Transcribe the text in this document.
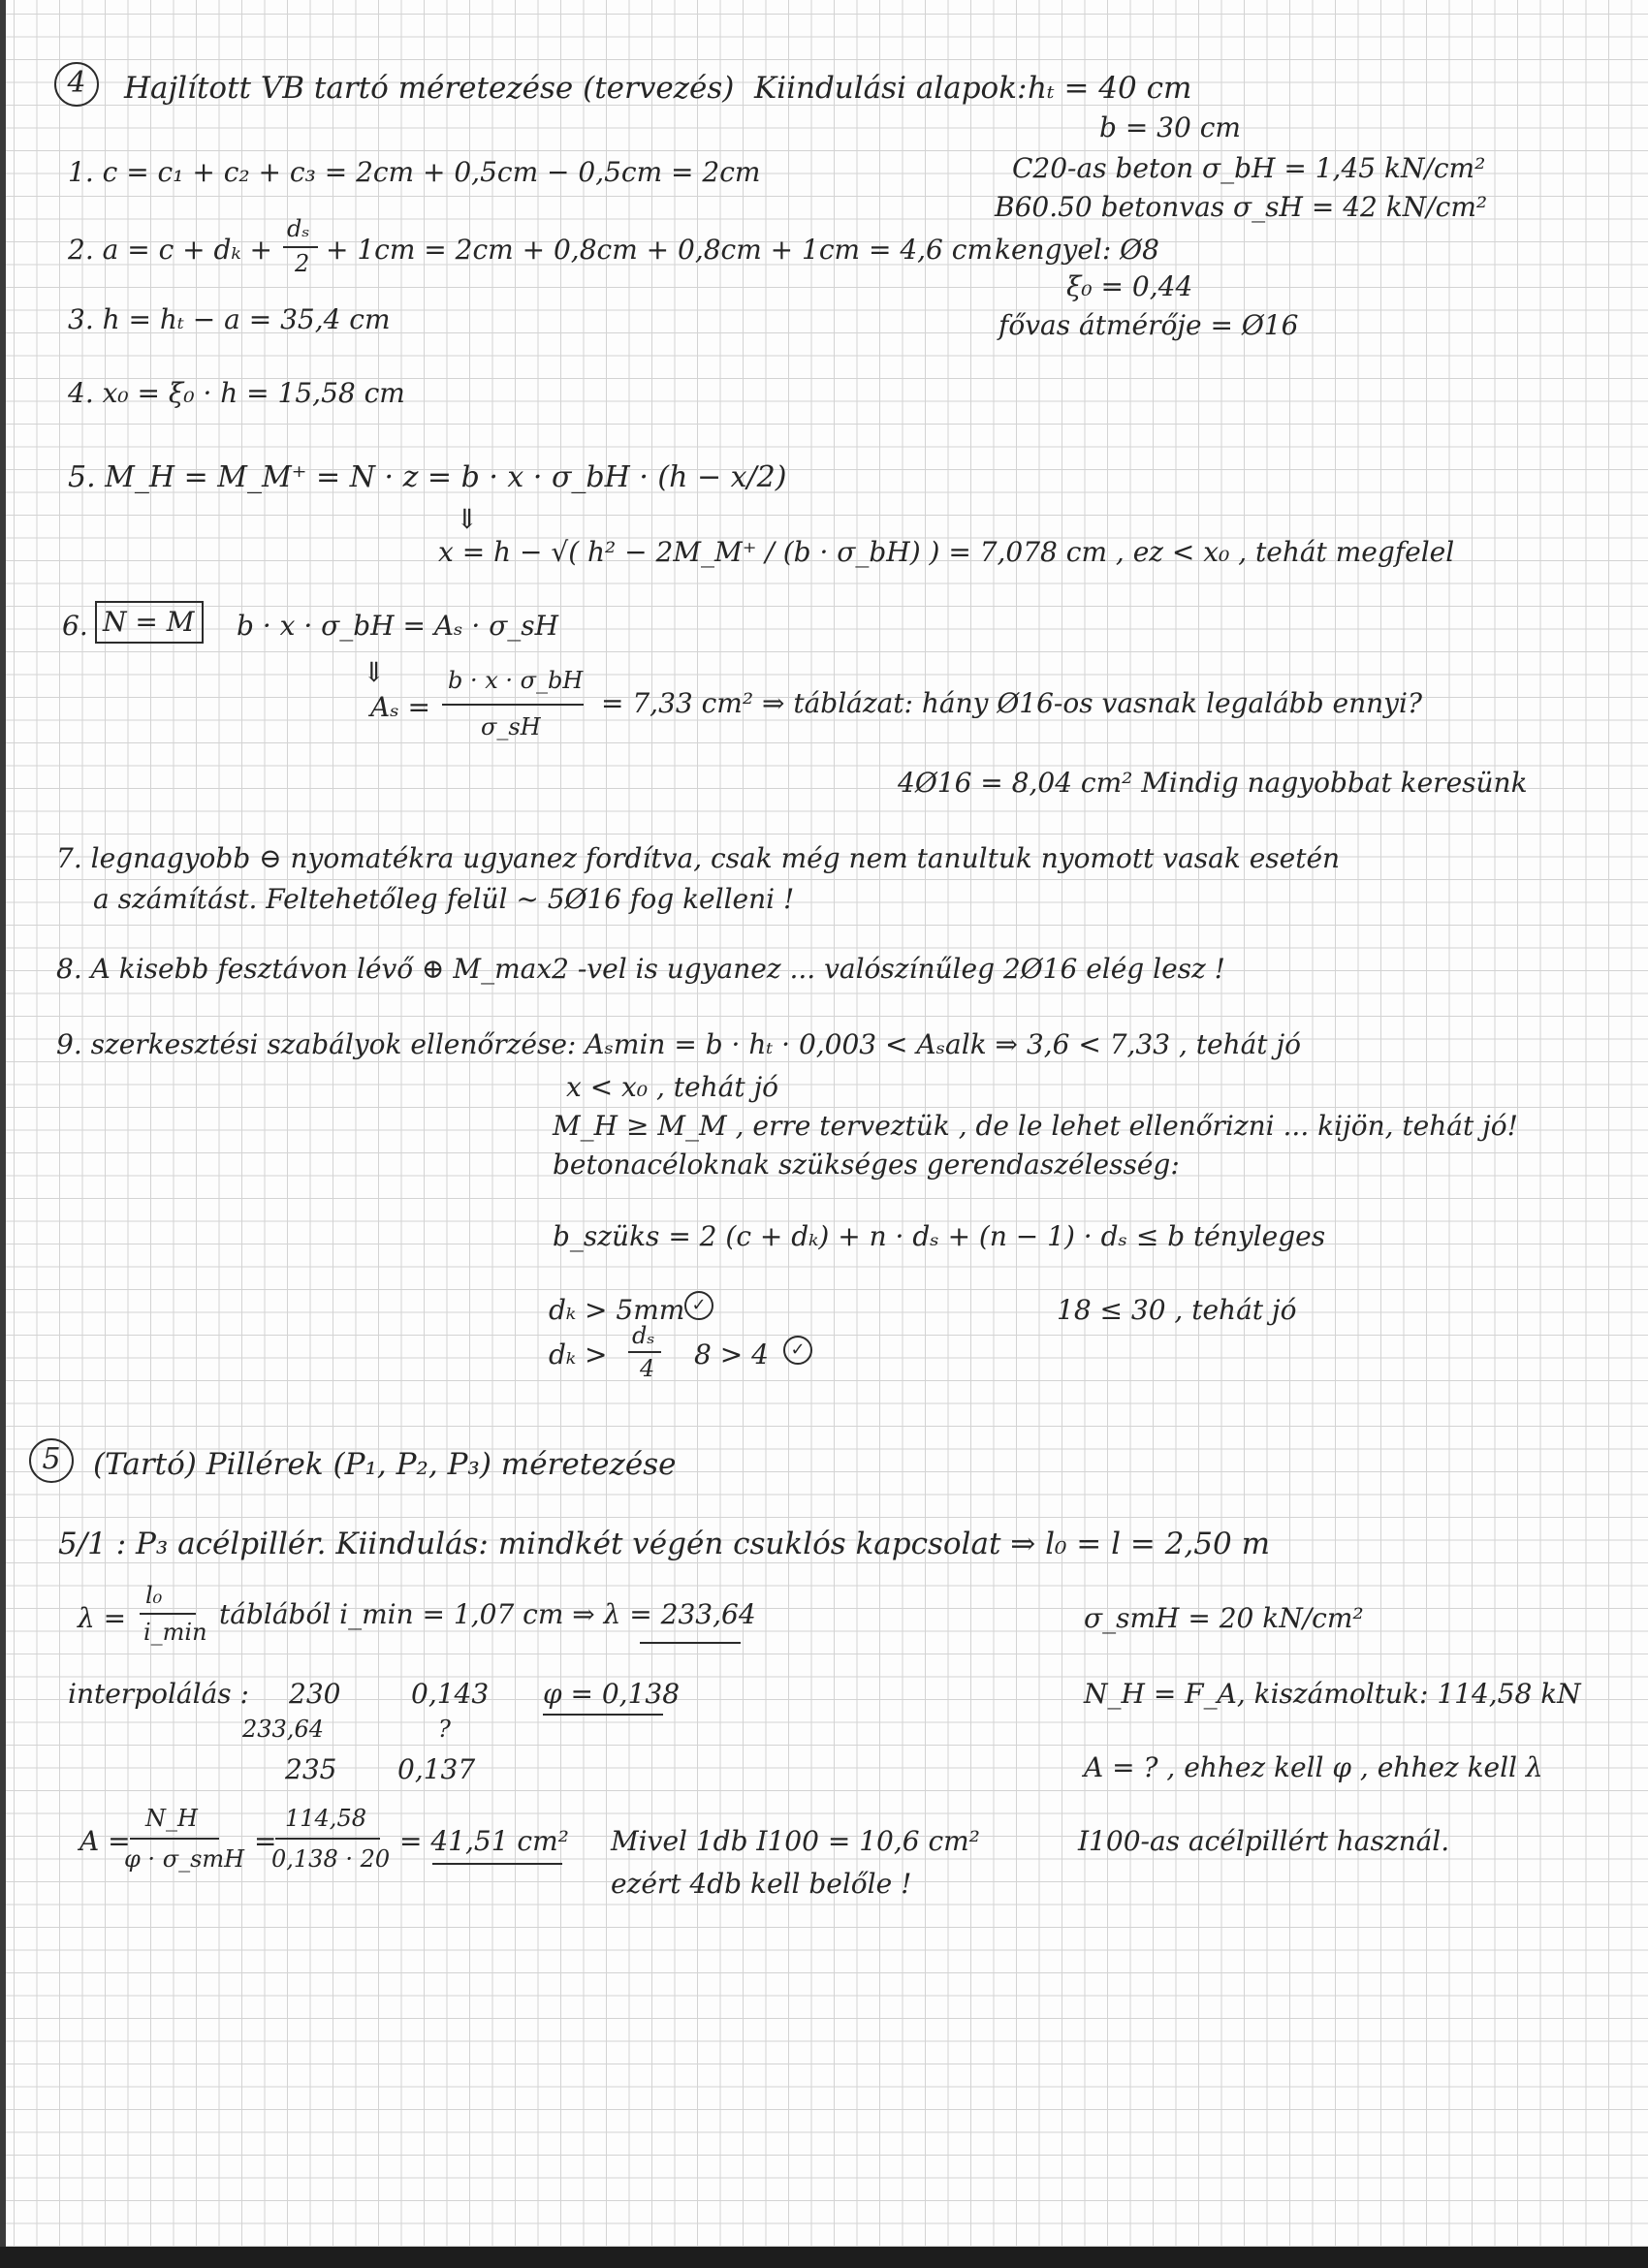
4	Hajlított VB tartó méretezése (tervezés) Kiindulási alapok: hₜ = 40 cm
b = 30 cm
C20-as beton σ_bH = 1,45 kN/cm²
B60.50 betonvas σ_sH = 42 kN/cm²
kengyel: Ø8
ξ₀ = 0,44
fővas átmérője = Ø16
1. c = c₁ + c₂ + c₃ = 2cm + 0,5cm − 0,5cm = 2cm
2. a = c + dₖ +
dₛ
2 + 1cm = 2cm + 0,8cm + 0,8cm + 1cm = 4,6 cm
3. h = hₜ − a = 35,4 cm
4. x₀ = ξ₀ · h = 15,58 cm
5. M_H = M_M⁺ = N · z = b · x · σ_bH · (h − x/2)
⇓
x = h − √( h² − 2M_M⁺ / (b · σ_bH) ) = 7,078 cm , ez < x₀ , tehát megfelel
6. N = M b · x · σ_bH = Aₛ · σ_sH
⇓
Aₛ =
b · x · σ_bH
σ_sH
= 7,33 cm² ⇒ táblázat: hány Ø16-os vasnak legalább ennyi?
4Ø16 = 8,04 cm² Mindig nagyobbat keresünk
7. legnagyobb ⊖ nyomatékra ugyanez fordítva, csak még nem tanultuk nyomott vasak esetén
a számítást. Feltehetőleg felül ~ 5Ø16 fog kelleni !
8. A kisebb fesztávon lévő ⊕ M_max2 -vel is ugyanez ... valószínűleg 2Ø16 elég lesz !
9. szerkesztési szabályok ellenőrzése: Aₛmin = b · hₜ · 0,003 < Aₛalk ⇒ 3,6 < 7,33 , tehát jó
x < x₀ , tehát jó
M_H ≥ M_M , erre terveztük , de le lehet ellenőrizni ... kijön, tehát jó!
betonacéloknak szükséges gerendaszélesség:
b_szüks = 2 (c + dₖ) + n · dₛ + (n − 1) · dₛ ≤ b tényleges
dₖ > 5mm ✓
dₖ >
dₛ
4 8 > 4	✓
18 ≤ 30 , tehát jó
5	(Tartó) Pillérek (P₁, P₂, P₃) méretezése
5/1 : P₃ acélpillér. Kiindulás: mindkét végén csuklós kapcsolat ⇒ l₀ = l = 2,50 m
λ =
l₀
i_min
táblából i_min = 1,07 cm ⇒ λ = 233,64	σ_smH = 20 kN/cm²
interpolálás : 230	0,143
233,64	?
235 0,137
φ = 0,138	N_H = F_A, kiszámoltuk: 114,58 kN
A = ? , ehhez kell φ , ehhez kell λ
A =
N_H
φ · σ_smH
=
114,58
0,138 · 20
= 41,51 cm² Mivel 1db I100 = 10,6 cm²
ezért 4db kell belőle !
I100-as acélpillért használ.
